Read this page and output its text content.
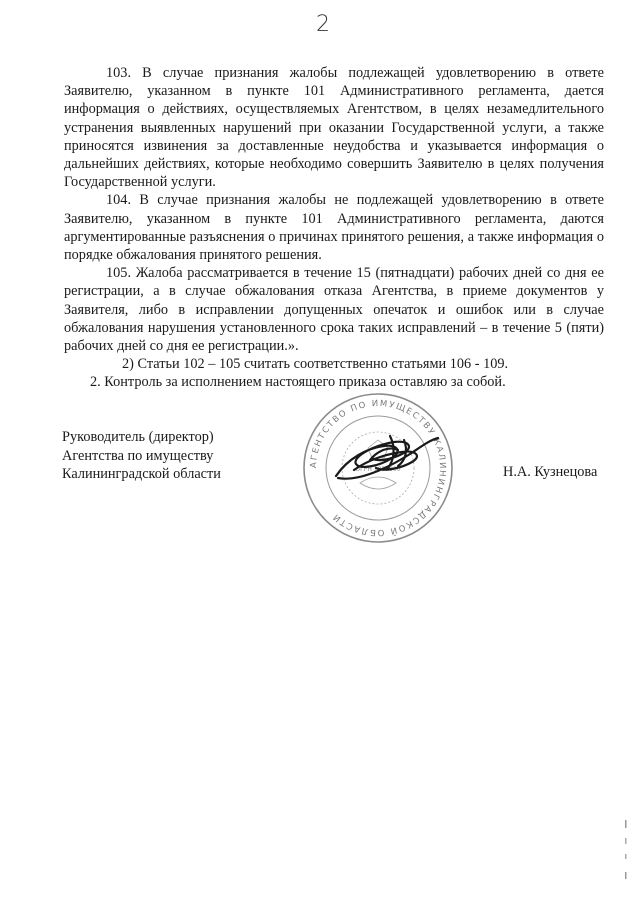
2

103. В случае признания жалобы подлежащей удовлетворению в ответе Заявителю, указанном в пункте 101 Административного регламента, дается информация о действиях, осуществляемых Агентством, в целях незамедлительного устранения выявленных нарушений при оказании Государственной услуги, а также приносятся извинения за доставленные неудобства и указывается информация о дальнейших действиях, которые необходимо совершить Заявителю в целях получения Государственной услуги.

104. В случае признания жалобы не подлежащей удовлетворению в ответе Заявителю, указанном в пункте 101 Административного регламента, даются аргументированные разъяснения о причинах принятого решения, а также информация о порядке обжалования принятого решения.

105. Жалоба рассматривается в течение 15 (пятнадцати) рабочих дней со дня ее регистрации, а в случае обжалования отказа Агентства, в приеме документов у Заявителя, либо в исправлении допущенных опечаток и ошибок или в случае обжалования нарушения установленного срока таких исправлений – в течение 5 (пяти) рабочих дней со дня ее регистрации.».

2) Статьи 102 – 105 считать соответственно статьями 106 - 109.

2. Контроль за исполнением настоящего приказа оставляю за собой.

Руководитель (директор)
Агентства по имуществу
Калининградской области	Н.А. Кузнецова
АГЕНТСТВО ПО ИМУЩЕСТВУ КАЛИНИНГРАДСКОЙ ОБЛАСТИ
ОГРН 1023900
